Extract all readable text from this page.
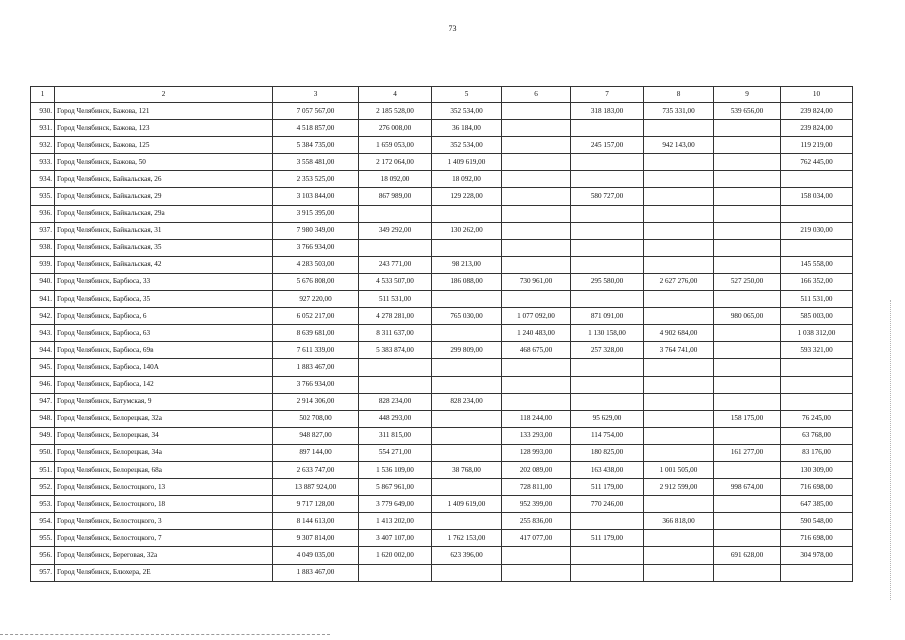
73
1	2	3	4	5	6	7	8	9	10
930.	Город Челябинск, Бажова, 121	7 057 567,00	2 185 528,00	352 534,00		318 183,00	735 331,00	539 656,00	239 824,00
931.	Город Челябинск, Бажова, 123	4 518 857,00	276 008,00	36 184,00					239 824,00
932.	Город Челябинск, Бажова, 125	5 384 735,00	1 659 053,00	352 534,00		245 157,00	942 143,00		119 219,00
933.	Город Челябинск, Бажова, 50	3 558 481,00	2 172 064,00	1 409 619,00					762 445,00
934.	Город Челябинск, Байкальская, 26	2 353 525,00	18 092,00	18 092,00					
935.	Город Челябинск, Байкальская, 29	3 103 844,00	867 989,00	129 228,00		580 727,00			158 034,00
936.	Город Челябинск, Байкальская, 29а	3 915 395,00							
937.	Город Челябинск, Байкальская, 31	7 980 349,00	349 292,00	130 262,00					219 030,00
938.	Город Челябинск, Байкальская, 35	3 766 934,00							
939.	Город Челябинск, Байкальская, 42	4 283 503,00	243 771,00	98 213,00					145 558,00
940.	Город Челябинск, Барбюса, 33	5 676 808,00	4 533 507,00	186 088,00	730 961,00	295 580,00	2 627 276,00	527 250,00	166 352,00
941.	Город Челябинск, Барбюса, 35	927 220,00	511 531,00						511 531,00
942.	Город Челябинск, Барбюса, 6	6 052 217,00	4 278 281,00	765 030,00	1 077 092,00	871 091,00		980 065,00	585 003,00
943.	Город Челябинск, Барбюса, 63	8 639 681,00	8 311 637,00		1 240 483,00	1 130 158,00	4 902 684,00		1 038 312,00
944.	Город Челябинск, Барбюса, 69в	7 611 339,00	5 383 874,00	299 809,00	468 675,00	257 328,00	3 764 741,00		593 321,00
945.	Город Челябинск, Барбюса, 140А	1 883 467,00							
946.	Город Челябинск, Барбюса, 142	3 766 934,00							
947.	Город Челябинск, Батумская, 9	2 914 306,00	828 234,00	828 234,00					
948.	Город Челябинск, Белорецкая, 32а	502 708,00	448 293,00		118 244,00	95 629,00		158 175,00	76 245,00
949.	Город Челябинск, Белорецкая, 34	948 827,00	311 815,00		133 293,00	114 754,00			63 768,00
950.	Город Челябинск, Белорецкая, 34а	897 144,00	554 271,00		128 993,00	180 825,00		161 277,00	83 176,00
951.	Город Челябинск, Белорецкая, 68а	2 633 747,00	1 536 109,00	38 768,00	202 089,00	163 438,00	1 001 505,00		130 309,00
952.	Город Челябинск, Белостоцкого, 13	13 887 924,00	5 867 961,00		728 811,00	511 179,00	2 912 599,00	998 674,00	716 698,00
953.	Город Челябинск, Белостоцкого, 18	9 717 128,00	3 779 649,00	1 409 619,00	952 399,00	770 246,00			647 385,00
954.	Город Челябинск, Белостоцкого, 3	8 144 613,00	1 413 202,00		255 836,00		366 818,00		590 548,00
955.	Город Челябинск, Белостоцкого, 7	9 307 814,00	3 407 107,00	1 762 153,00	417 077,00	511 179,00			716 698,00
956.	Город Челябинск, Береговая, 32а	4 049 035,00	1 620 002,00	623 396,00				691 628,00	304 978,00
957.	Город Челябинск, Блюхера, 2Е	1 883 467,00							
